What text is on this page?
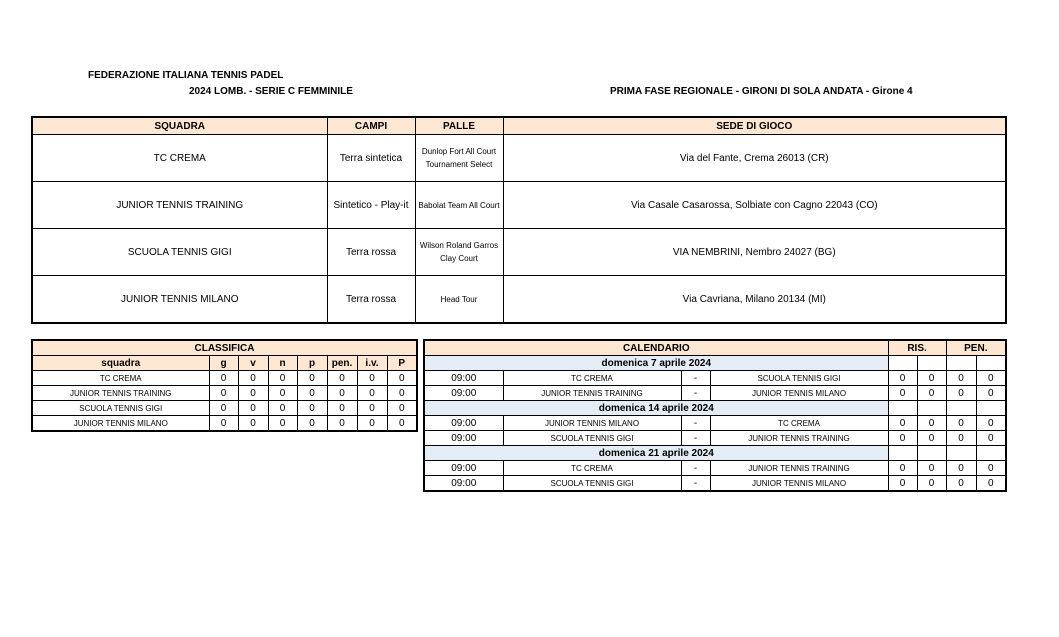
FEDERAZIONE ITALIANA TENNIS PADEL
2024 LOMB. - SERIE C FEMMINILE	PRIMA FASE REGIONALE - GIRONI DI SOLA ANDATA - Girone 4
SQUADRA	CAMPI	PALLE	SEDE DI GIOCO
TC CREMA	Terra sintetica	Dunlop Fort All Court Tournament Select	Via del Fante, Crema 26013 (CR)
JUNIOR TENNIS TRAINING	Sintetico - Play-it	Babolat Team All Court	Via Casale Casarossa, Solbiate con Cagno 22043 (CO)
SCUOLA TENNIS GIGI	Terra rossa	Wilson Roland Garros Clay Court	VIA NEMBRINI, Nembro 24027 (BG)
JUNIOR TENNIS MILANO	Terra rossa	Head Tour	Via Cavriana, Milano 20134 (MI)
CLASSIFICA							
squadra	g	v	n	p	pen.	i.v.	P
TC CREMA	0	0	0	0	0	0	0
JUNIOR TENNIS TRAINING	0	0	0	0	0	0	0
SCUOLA TENNIS GIGI	0	0	0	0	0	0	0
JUNIOR TENNIS MILANO	0	0	0	0	0	0	0
CALENDARIO				RIS.		PEN.	
domenica 7 aprile 2024							
09:00	TC CREMA	-	SCUOLA TENNIS GIGI	0	0	0	0
09:00	JUNIOR TENNIS TRAINING	-	JUNIOR TENNIS MILANO	0	0	0	0
domenica 14 aprile 2024							
09:00	JUNIOR TENNIS MILANO	-	TC CREMA	0	0	0	0
09:00	SCUOLA TENNIS GIGI	-	JUNIOR TENNIS TRAINING	0	0	0	0
domenica 21 aprile 2024							
09:00	TC CREMA	-	JUNIOR TENNIS TRAINING	0	0	0	0
09:00	SCUOLA TENNIS GIGI	-	JUNIOR TENNIS MILANO	0	0	0	0
